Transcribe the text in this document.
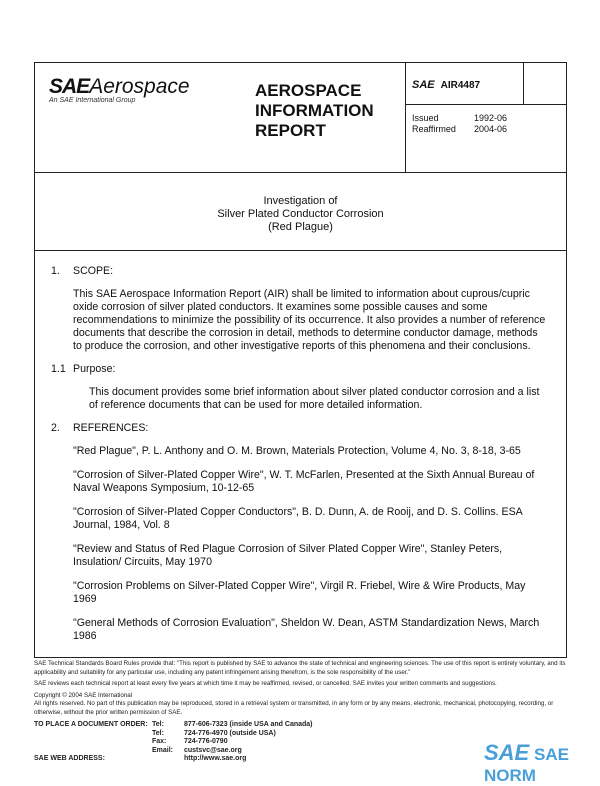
SAEAerospace
An SAE International Group
AEROSPACE
INFORMATION
REPORT
SAE AIR4487
Issued	1992-06
Reaffirmed	2004-06
Investigation of
Silver Plated Conductor Corrosion
(Red Plague)
1. SCOPE:

This SAE Aerospace Information Report (AIR) shall be limited to information about cuprous/cupric oxide corrosion of silver plated conductors. It examines some possible causes and some recommendations to minimize the possibility of its occurrence. It also provides a number of reference documents that describe the corrosion in detail, methods to determine conductor damage, methods to produce the corrosion, and other investigative reports of this phenomena and their conclusions.

1.1 Purpose:

This document provides some brief information about silver plated conductor corrosion and a list of reference documents that can be used for more detailed information.

2. REFERENCES:

"Red Plague", P. L. Anthony and O. M. Brown, Materials Protection, Volume 4, No. 3, 8-18, 3-65

"Corrosion of Silver-Plated Copper Wire", W. T. McFarlen, Presented at the Sixth Annual Bureau of Naval Weapons Symposium, 10-12-65

"Corrosion of Silver-Plated Copper Conductors", B. D. Dunn, A. de Rooij, and D. S. Collins. ESA Journal, 1984, Vol. 8

"Review and Status of Red Plague Corrosion of Silver Plated Copper Wire", Stanley Peters, Insulation/ Circuits, May 1970

"Corrosion Problems on Silver-Plated Copper Wire", Virgil R. Friebel, Wire & Wire Products, May 1969

"General Methods of Corrosion Evaluation", Sheldon W. Dean, ASTM Standardization News, March 1986

SAE Technical Standards Board Rules provide that: "This report is published by SAE to advance the state of technical and engineering sciences. The use of this report is entirely voluntary, and its applicability and suitability for any particular use, including any patent infringement arising therefrom, is the sole responsibility of the user."

SAE reviews each technical report at least every five years at which time it may be reaffirmed, revised, or cancelled. SAE invites your written comments and suggestions.

Copyright © 2004 SAE International

All rights reserved. No part of this publication may be reproduced, stored in a retrieval system or transmitted, in any form or by any means, electronic, mechanical, photocopying, recording, or otherwise, without the prior written permission of SAE.

TO PLACE A DOCUMENT ORDER: Tel:	877-606-7323 (inside USA and Canada)
Tel:	724-776-4970 (outside USA)
Fax:	724-776-0790
Email:	custsvc@sae.org
SAE WEB ADDRESS:	http://www.sae.org	SAE SAE NORM
